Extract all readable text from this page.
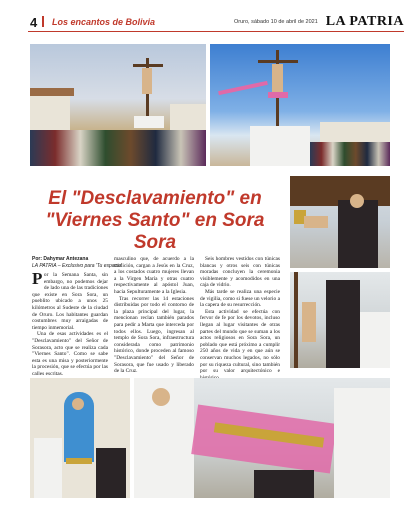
4 Los encantos de Bolivia	Oruro, sábado 10 de abril de 2021 LA PATRIA
El "Desclavamiento" en "Viernes Santo" en Sora Sora
Por: Dahymar Antezana
LA PATRIA – Exclusivo para 'Tu espacio'

Por la Semana Santa, sin embargo, no podemos dejar de lado una de las tradiciones que existe en Sora Sora, un pueblito ubicado a unos 25 kilómetros al Sudeste de la ciudad de Oruro. Los habitantes guardan costumbres muy arraigadas de tiempo inmemorial.

Una de esas actividades es el "Desclavamiento" del Señor de Sorasora, acto que se realiza cada "Viernes Santo". Como se sabe esta es una misa y posteriormente la procesión, que se efectúa por las calles escritas.

masculino que, de acuerdo a la tradición, cargan a Jesús en la Cruz, a los costados cuatro mujeres llevan a la Virgen María y otras cuatro respectivamente al apóstol Juan, hacia Sepulturamente a la Iglesia.

Tras recorrer las 14 estaciones distribuidas por todo el contorno de la plaza principal del lugar, la mencionan reclan también parados para pedir a Marta que interceda por todos ellos. Luego, ingresan al templo de Sora Sora, infraestructura considerada como patrimonio histórico, donde proceden al famoso "Desclavamiento" del Señor de Sorasora, que fue usado y liberado de la Cruz.

Seis hombres vestidos con túnicas blancas y otros seis con túnicas moradas concluyen la ceremonia visiblemente y acomodidos en una caja de vidrio.

Más tarde se realiza una especie de vigilia, como si fuese un velorio a la capera de su resurrección.

Esta actividad se efectúa con fervor de fe por los devotos, incluso llegan al lugar visitantes de otras partes del mundo que se suman a los actos religiosos en Sora Sora, un poblado que está próximo a cumplir 250 años de vida y en que aún se conservan muchos legados, no sólo por su riqueza cultural, sino también por su valor arquitectónico e
